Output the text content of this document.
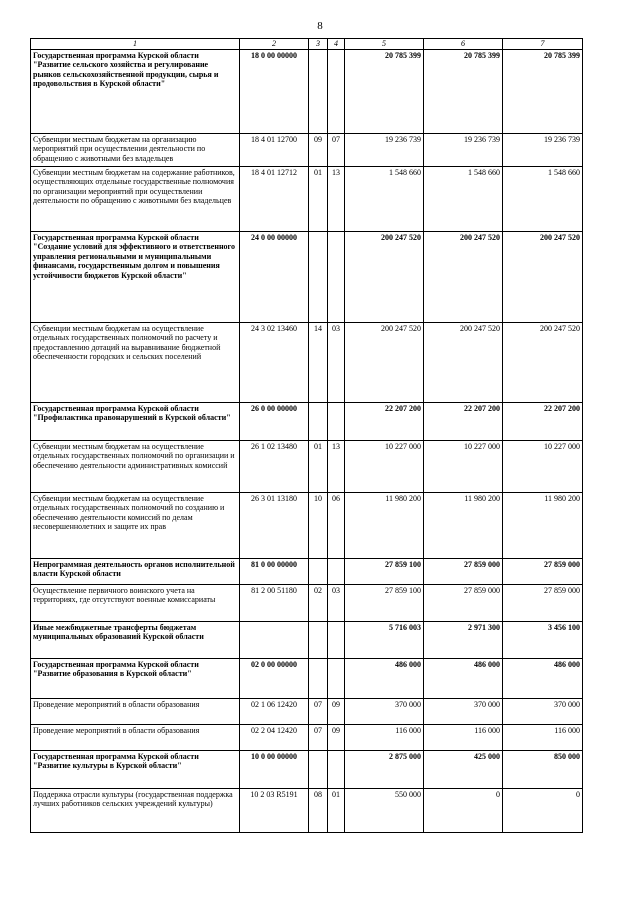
8
1	2	3	4	5	6	7
Государственная программа Курской области "Развитие сельского хозяйства и регулирование рынков сельскохозяйственной продукции, сырья и продовольствия в Курской области"	18 0 00 00000			20 785 399	20 785 399	20 785 399
Субвенции местным бюджетам на организацию мероприятий при осуществлении деятельности по обращению с животными без владельцев	18 4 01 12700	09	07	19 236 739	19 236 739	19 236 739
Субвенции местным бюджетам на содержание работников, осуществляющих отдельные государственные полномочия по организации мероприятий при осуществлении деятельности по обращению с животными без владельцев	18 4 01 12712	01	13	1 548 660	1 548 660	1 548 660
Государственная программа Курской области "Создание условий для эффективного и ответственного управления региональными и муниципальными финансами, государственным долгом и повышения устойчивости бюджетов Курской области"	24 0 00 00000			200 247 520	200 247 520	200 247 520
Субвенции местным бюджетам на осуществление отдельных государственных полномочий по расчету и предоставлению дотаций на выравнивание бюджетной обеспеченности городских и сельских поселений	24 3 02 13460	14	03	200 247 520	200 247 520	200 247 520
Государственная программа Курской области "Профилактика правонарушений в Курской области"	26 0 00 00000			22 207 200	22 207 200	22 207 200
Субвенции местным бюджетам на осуществление отдельных государственных полномочий по организации и обеспечению деятельности административных комиссий	26 1 02 13480	01	13	10 227 000	10 227 000	10 227 000
Субвенции местным бюджетам на осуществление отдельных государственных полномочий по созданию и обеспечению деятельности комиссий по делам несовершеннолетних и защите их прав	26 3 01 13180	10	06	11 980 200	11 980 200	11 980 200
Непрограммная деятельность органов исполнительной власти Курской области	81 0 00 00000			27 859 100	27 859 000	27 859 000
Осуществление первичного воинского учета на территориях, где отсутствуют военные комиссариаты	81 2 00 51180	02	03	27 859 100	27 859 000	27 859 000
Иные межбюджетные трансферты бюджетам муниципальных образований Курской области				5 716 003	2 971 300	3 456 100
Государственная программа Курской области "Развитие образования в Курской области"	02 0 00 00000			486 000	486 000	486 000
Проведение мероприятий в области образования	02 1 06 12420	07	09	370 000	370 000	370 000
Проведение мероприятий в области образования	02 2 04 12420	07	09	116 000	116 000	116 000
Государственная программа Курской области "Развитие культуры в Курской области"	10 0 00 00000			2 875 000	425 000	850 000
Поддержка отрасли культуры (государственная поддержка лучших работников сельских учреждений культуры)	10 2 03 R5191	08	01	550 000	0	0
